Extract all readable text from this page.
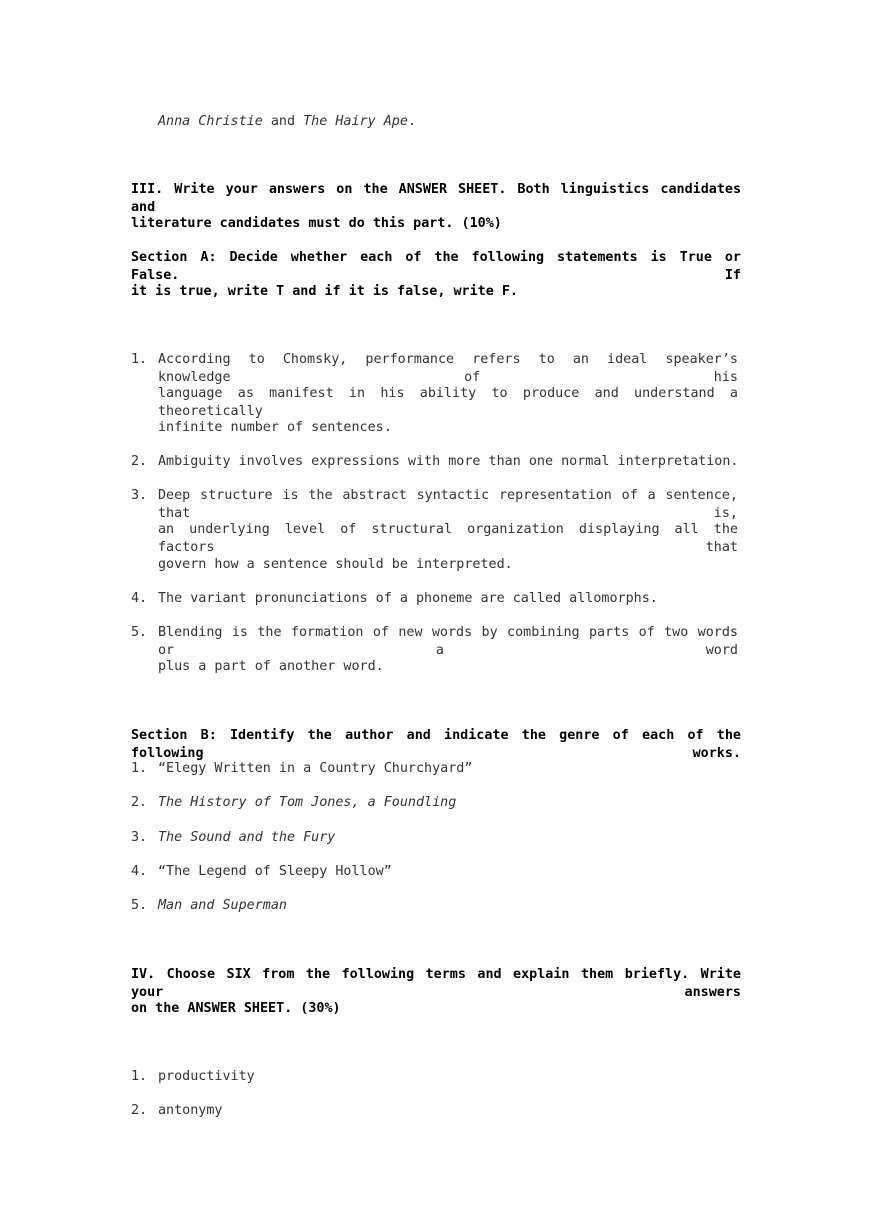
Anna Christie and The Hairy Ape.
III. Write your answers on the ANSWER SHEET. Both linguistics candidates and
literature candidates must do this part. (10%)
Section A: Decide whether each of the following statements is True or False. If
it is true, write T and if it is false, write F.
1. According to Chomsky, performance refers to an ideal speaker’s knowledge of his
language as manifest in his ability to produce and understand a theoretically
infinite number of sentences.
2. Ambiguity involves expressions with more than one normal interpretation.
3. Deep structure is the abstract syntactic representation of a sentence, that is,
an underlying level of structural organization displaying all the factors that
govern how a sentence should be interpreted.
4. The variant pronunciations of a phoneme are called allomorphs.
5. Blending is the formation of new words by combining parts of two words or a word
plus a part of another word.
Section B: Identify the author and indicate the genre of each of the following works.
1. “Elegy Written in a Country Churchyard”
2. The History of Tom Jones, a Foundling
3. The Sound and the Fury
4. “The Legend of Sleepy Hollow”
5. Man and Superman
IV. Choose SIX from the following terms and explain them briefly. Write your answers
on the ANSWER SHEET. (30%)
1. productivity
2. antonymy
